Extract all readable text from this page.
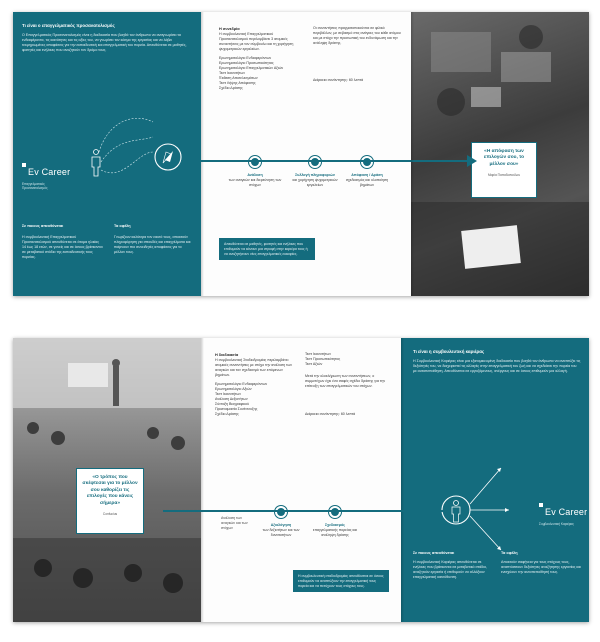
Τι είναι ο επαγγελματικός προσανατολισμός
Ο Επαγγελματικός Προσανατολισμός είναι η διαδικασία που βοηθά τον άνθρωπο να αναγνωρίσει τα ενδιαφέροντα, τις ικανότητες και τις αξίες του, να γνωρίσει τον κόσμο της εργασίας και να λάβει τεκμηριωμένες αποφάσεις για την εκπαιδευτική και επαγγελματική του πορεία. Απευθύνεται σε μαθητές, φοιτητές και ενήλικες που αναζητούν τον δρόμο τους.
Ev Career
Επαγγελματικός Προσανατολισμός
Σε ποιους απευθύνεται
Η συμβουλευτική Επαγγελματικού Προσανατολισμού απευθύνεται σε άτομα ηλικίας 14 έως 18 ετών, σε γονείς και σε όσους βρίσκονται σε μεταβατικό στάδιο της εκπαιδευτικής τους πορείας.
Τα οφέλη
Γνωρίζουν καλύτερα τον εαυτό τους, αποκτούν πληροφόρηση για σπουδές και επαγγέλματα και παίρνουν πιο συνειδητές αποφάσεις για το μέλλον τους.
Η συνεδρία
Η συμβουλευτική Επαγγελματικού Προσανατολισμού περιλαμβάνει 3 ατομικές συναντήσεις με τον σύμβουλο και τη χορήγηση ψυχομετρικών εργαλείων.
Ερωτηματολόγιο Ενδιαφερόντων
Ερωτηματολόγιο Προσωπικότητας
Ερωτηματολόγιο Επαγγελματικών Αξιών
Τεστ Ικανοτήτων
Έκθεση Αποτελεσμάτων
Τεστ Λήψης Απόφασης
Σχέδιο Δράσης
Οι συναντήσεις πραγματοποιούνται σε φιλικό περιβάλλον, με σεβασμό στις ανάγκες του κάθε ατόμου και με στόχο την προσωπική του ενδυνάμωση και την ανάληψη δράσης.
Διάρκεια συνάντησης: 60 λεπτά
Ανάλυση
των αναγκών και διερεύνηση των στόχων
Συλλογή πληροφοριών
και χορήγηση ψυχομετρικών εργαλείων
Απόφαση / Δράση
σχεδιασμός και υλοποίηση βημάτων
Απευθύνεται σε μαθητές, φοιτητές και ενήλικες που επιθυμούν να κάνουν μια στροφή στην καριέρα τους ή να αναζητήσουν νέες επαγγελματικές ευκαιρίες.
«Η απόφαση των επιλογών σου, το μέλλον σου»
Μαρία Παπαδοπούλου
«Ο τρόπος που σκέφτεσαι για το μέλλον σου καθορίζει τις επιλογές που κάνεις σήμερα»
Confucius
Η διαδικασία
Η συμβουλευτική Σταδιοδρομίας περιλαμβάνει ατομικές συναντήσεις με στόχο την ανάλυση των αναγκών και τον σχεδιασμό των επόμενων βημάτων.
Ερωτηματολόγιο Ενδιαφερόντων
Ερωτηματολόγιο Αξιών
Τεστ Ικανοτήτων
Ανάλυση Δεξιοτήτων
Σύνταξη Βιογραφικού
Προετοιμασία Συνέντευξης
Σχέδιο Δράσης
Τεστ Ικανοτήτων
Τεστ Προσωπικότητας
Τεστ Αξιών
Μετά την ολοκλήρωση των συναντήσεων, ο συμμετέχων έχει ένα σαφές σχέδιο δράσης για την επίτευξη των επαγγελματικών του στόχων.
Διάρκεια συνάντησης: 60 λεπτά
Ανάλυση των αναγκών και των στόχων
Αξιολόγηση
των δεξιοτήτων και των δυνατοτήτων
Σχεδιασμός
επαγγελματικής πορείας και ανάληψη δράσης
Η συμβουλευτική σταδιοδρομίας απευθύνεται σε όσους επιθυμούν να αναπτύξουν την επαγγελματική τους πορεία και να πετύχουν τους στόχους τους.
Τι είναι η συμβουλευτική καριέρας
Η Συμβουλευτική Καριέρας είναι μια εξατομικευμένη διαδικασία που βοηθά τον άνθρωπο να αναπτύξει τις δεξιότητές του, να διαχειριστεί τις αλλαγές στην επαγγελματική του ζωή και να σχεδιάσει την πορεία του με αυτοπεποίθηση. Απευθύνεται σε εργαζόμενους, ανέργους και σε όσους επιθυμούν μια αλλαγή.
Ev Career
Συμβουλευτική Καριέρας
Σε ποιους απευθύνεται
Η συμβουλευτική Καριέρας απευθύνεται σε ενήλικες που βρίσκονται σε μεταβατικό στάδιο, αναζητούν εργασία ή επιθυμούν να αλλάξουν επαγγελματική κατεύθυνση.
Τα οφέλη
Αποκτούν σαφήνεια για τους στόχους τους, αναπτύσσουν δεξιότητες αναζήτησης εργασίας και ενισχύουν την αυτοπεποίθησή τους.
